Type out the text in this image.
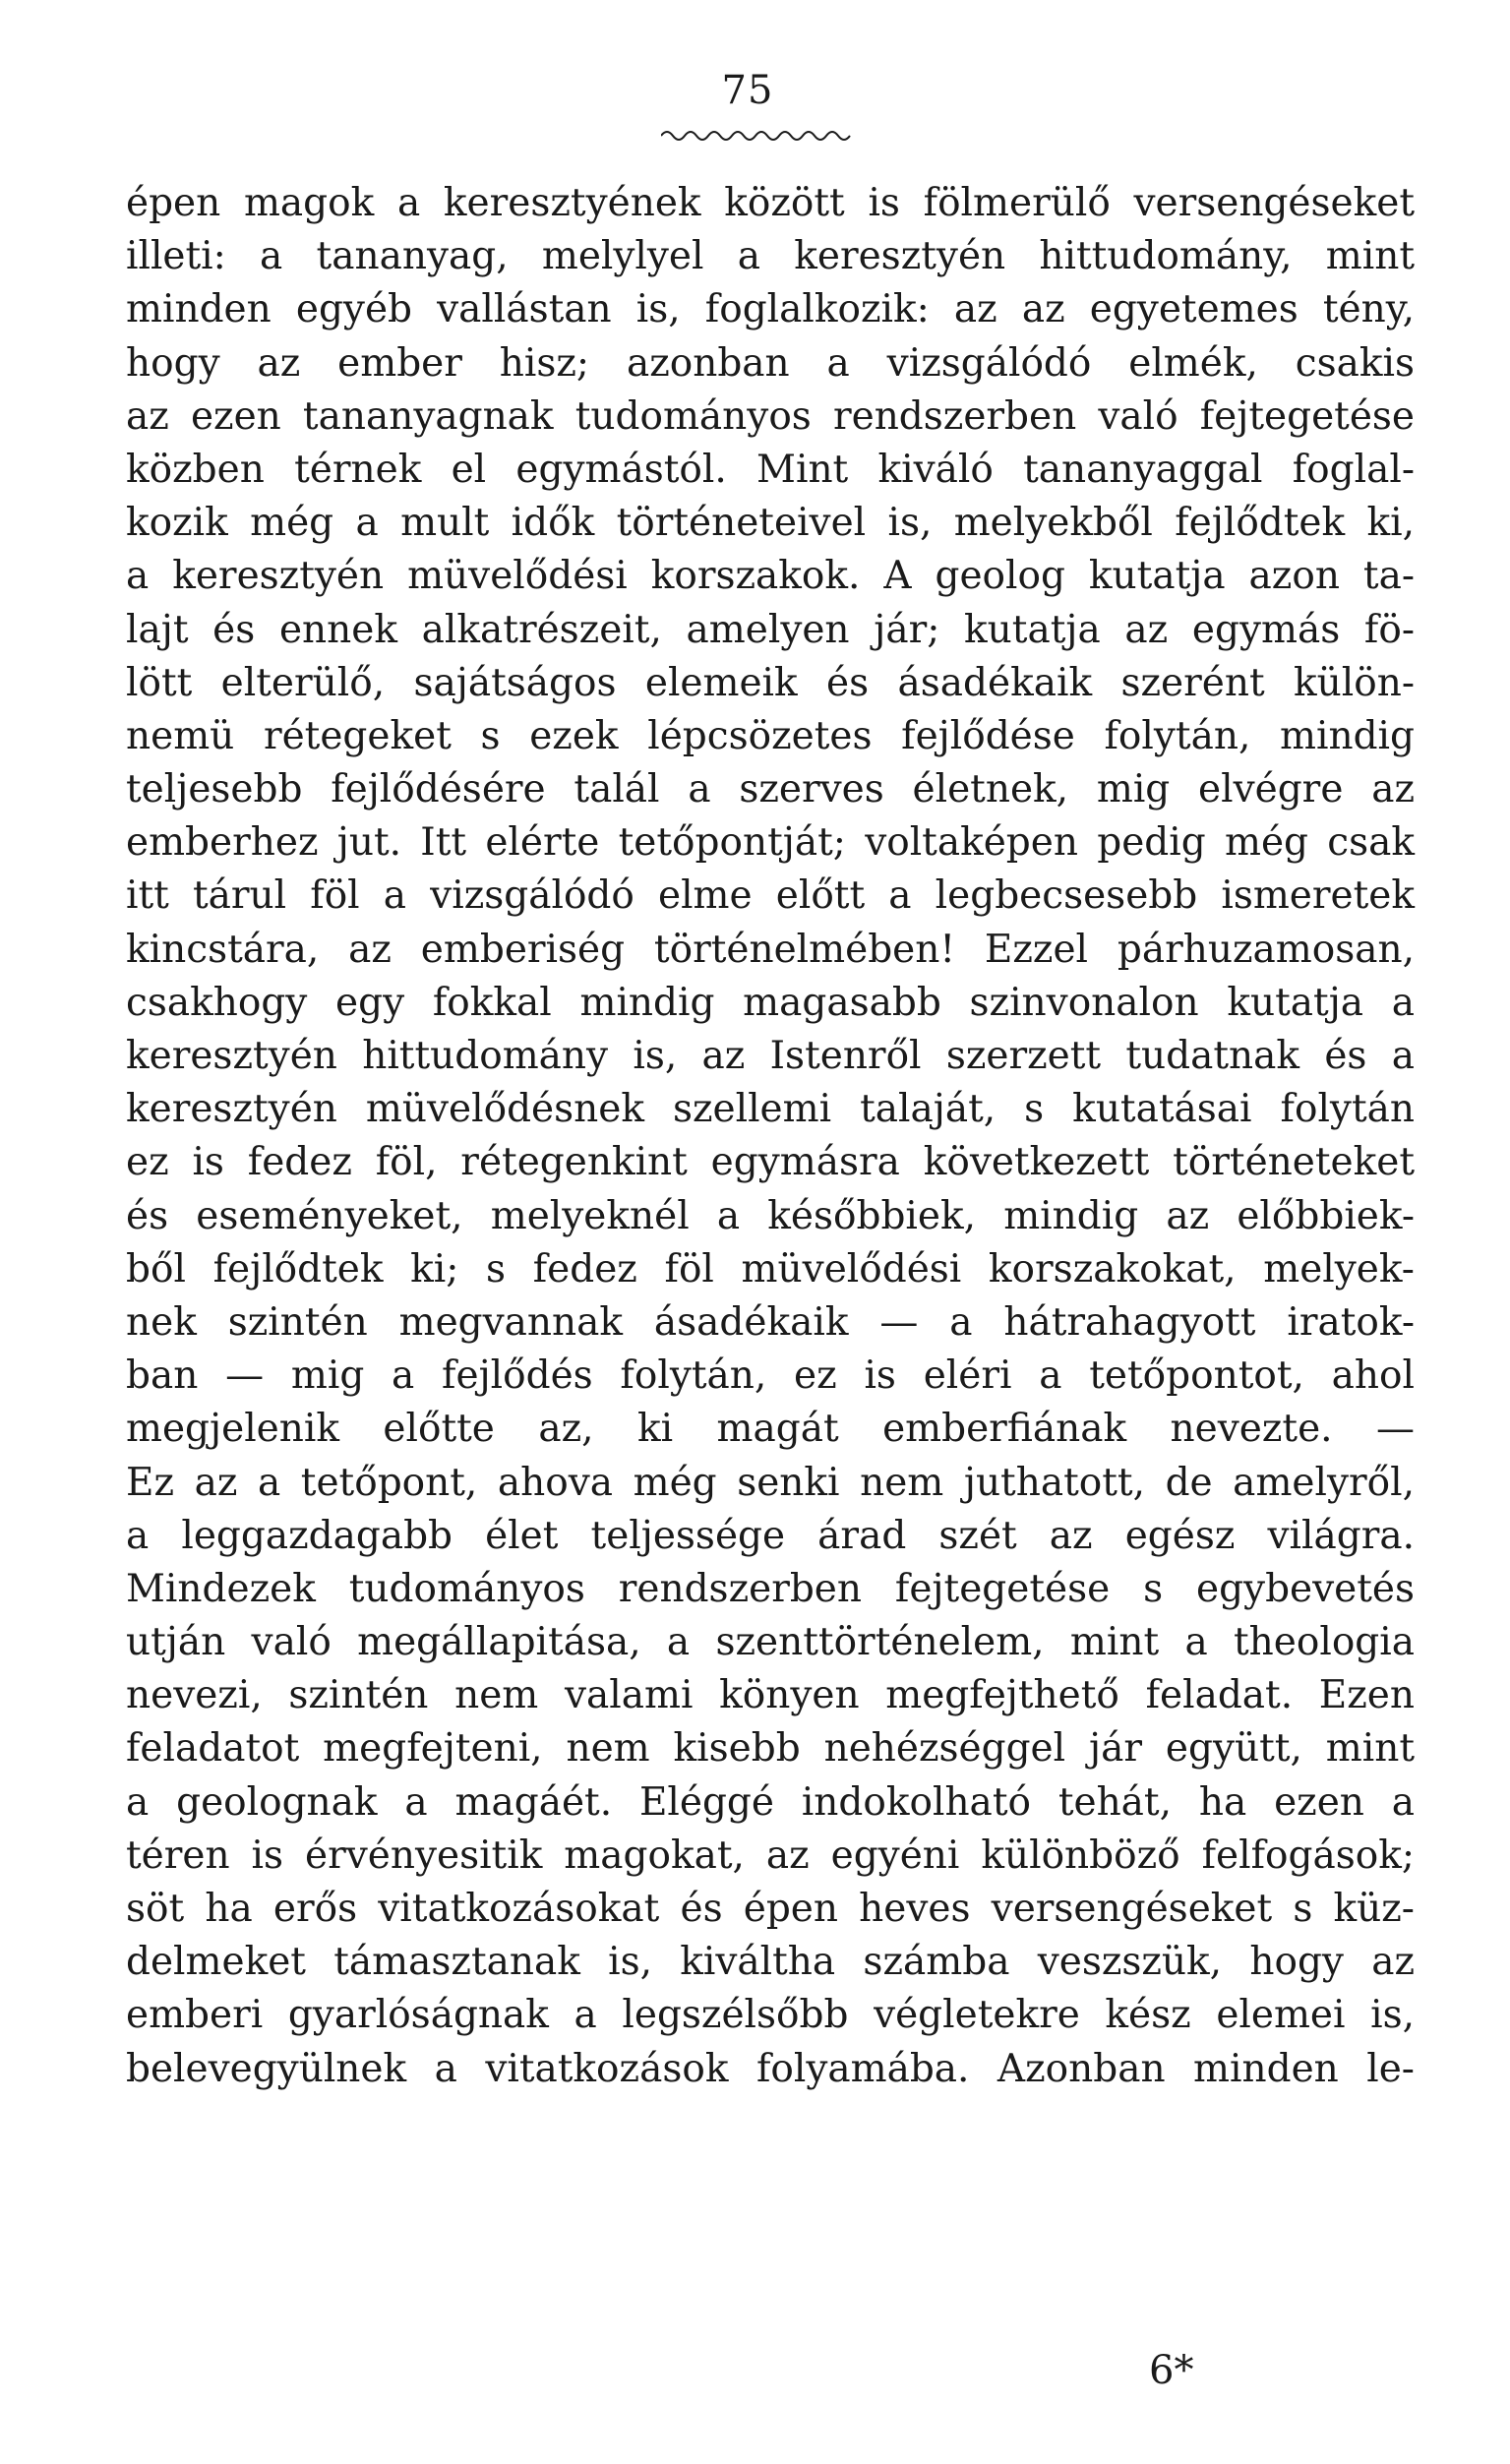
75
épen magok a keresztyének között is fölmerülő versengéseket
illeti: a tananyag, melylyel a keresztyén hittudomány, mint
minden egyéb vallástan is, foglalkozik: az az egyetemes tény,
hogy az ember hisz; azonban a vizsgálódó elmék, csakis
az ezen tananyagnak tudományos rendszerben való fejtegetése
közben térnek el egymástól. Mint kiváló tananyaggal foglal-
kozik még a mult idők történeteivel is, melyekből fejlődtek ki,
a keresztyén müvelődési korszakok. A geolog kutatja azon ta-
lajt és ennek alkatrészeit, amelyen jár; kutatja az egymás fö-
lött elterülő, sajátságos elemeik és ásadékaik szerént külön-
nemü rétegeket s ezek lépcsözetes fejlődése folytán, mindig
teljesebb fejlődésére talál a szerves életnek, mig elvégre az
emberhez jut. Itt elérte tetőpontját; voltaképen pedig még csak
itt tárul föl a vizsgálódó elme előtt a legbecsesebb ismeretek
kincstára, az emberiség történelmében! Ezzel párhuzamosan,
csakhogy egy fokkal mindig magasabb szinvonalon kutatja a
keresztyén hittudomány is, az Istenről szerzett tudatnak és a
keresztyén müvelődésnek szellemi talaját, s kutatásai folytán
ez is fedez föl, rétegenkint egymásra következett történeteket
és eseményeket, melyeknél a későbbiek, mindig az előbbiek-
ből fejlődtek ki; s fedez föl müvelődési korszakokat, melyek-
nek szintén megvannak ásadékaik — a hátrahagyott iratok-
ban — mig a fejlődés folytán, ez is eléri a tetőpontot, ahol
megjelenik előtte az, ki magát emberfiának nevezte. —
Ez az a tetőpont, ahova még senki nem juthatott, de amelyről,
a leggazdagabb élet teljessége árad szét az egész világra.
Mindezek tudományos rendszerben fejtegetése s egybevetés
utján való megállapitása, a szenttörténelem, mint a theologia
nevezi, szintén nem valami könyen megfejthető feladat. Ezen
feladatot megfejteni, nem kisebb nehézséggel jár együtt, mint
a geolognak a magáét. Eléggé indokolható tehát, ha ezen a
téren is érvényesitik magokat, az egyéni különböző felfogások;
söt ha erős vitatkozásokat és épen heves versengéseket s küz-
delmeket támasztanak is, kiváltha számba veszszük, hogy az
emberi gyarlóságnak a legszélsőbb végletekre kész elemei is,
belevegyülnek a vitatkozások folyamába. Azonban minden le-
6*
